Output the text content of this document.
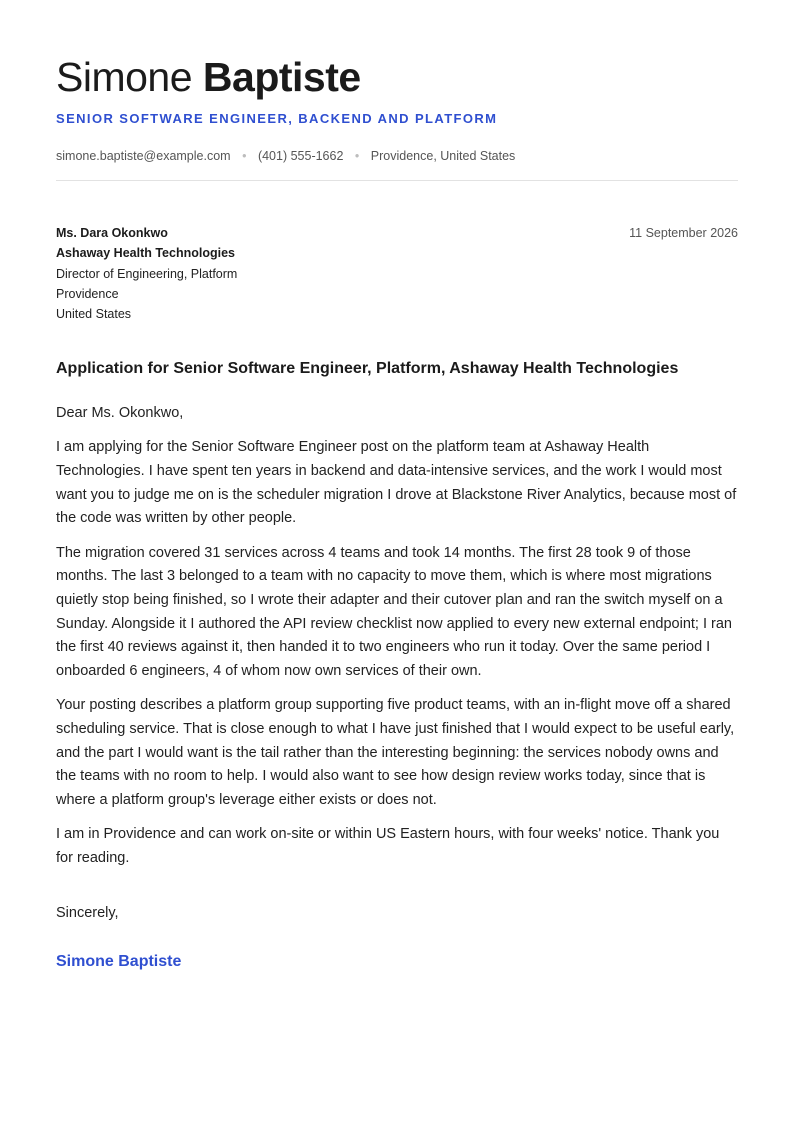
Simone Baptiste
SENIOR SOFTWARE ENGINEER, BACKEND AND PLATFORM
simone.baptiste@example.com • (401) 555-1662 • Providence, United States
Ms. Dara Okonkwo
Ashaway Health Technologies
Director of Engineering, Platform
Providence
United States
11 September 2026
Application for Senior Software Engineer, Platform, Ashaway Health Technologies
Dear Ms. Okonkwo,

I am applying for the Senior Software Engineer post on the platform team at Ashaway Health Technologies. I have spent ten years in backend and data-intensive services, and the work I would most want you to judge me on is the scheduler migration I drove at Blackstone River Analytics, because most of the code was written by other people.

The migration covered 31 services across 4 teams and took 14 months. The first 28 took 9 of those months. The last 3 belonged to a team with no capacity to move them, which is where most migrations quietly stop being finished, so I wrote their adapter and their cutover plan and ran the switch myself on a Sunday. Alongside it I authored the API review checklist now applied to every new external endpoint; I ran the first 40 reviews against it, then handed it to two engineers who run it today. Over the same period I onboarded 6 engineers, 4 of whom now own services of their own.

Your posting describes a platform group supporting five product teams, with an in-flight move off a shared scheduling service. That is close enough to what I have just finished that I would expect to be useful early, and the part I would want is the tail rather than the interesting beginning: the services nobody owns and the teams with no room to help. I would also want to see how design review works today, since that is where a platform group's leverage either exists or does not.

I am in Providence and can work on-site or within US Eastern hours, with four weeks' notice. Thank you for reading.

Sincerely,
Simone Baptiste
